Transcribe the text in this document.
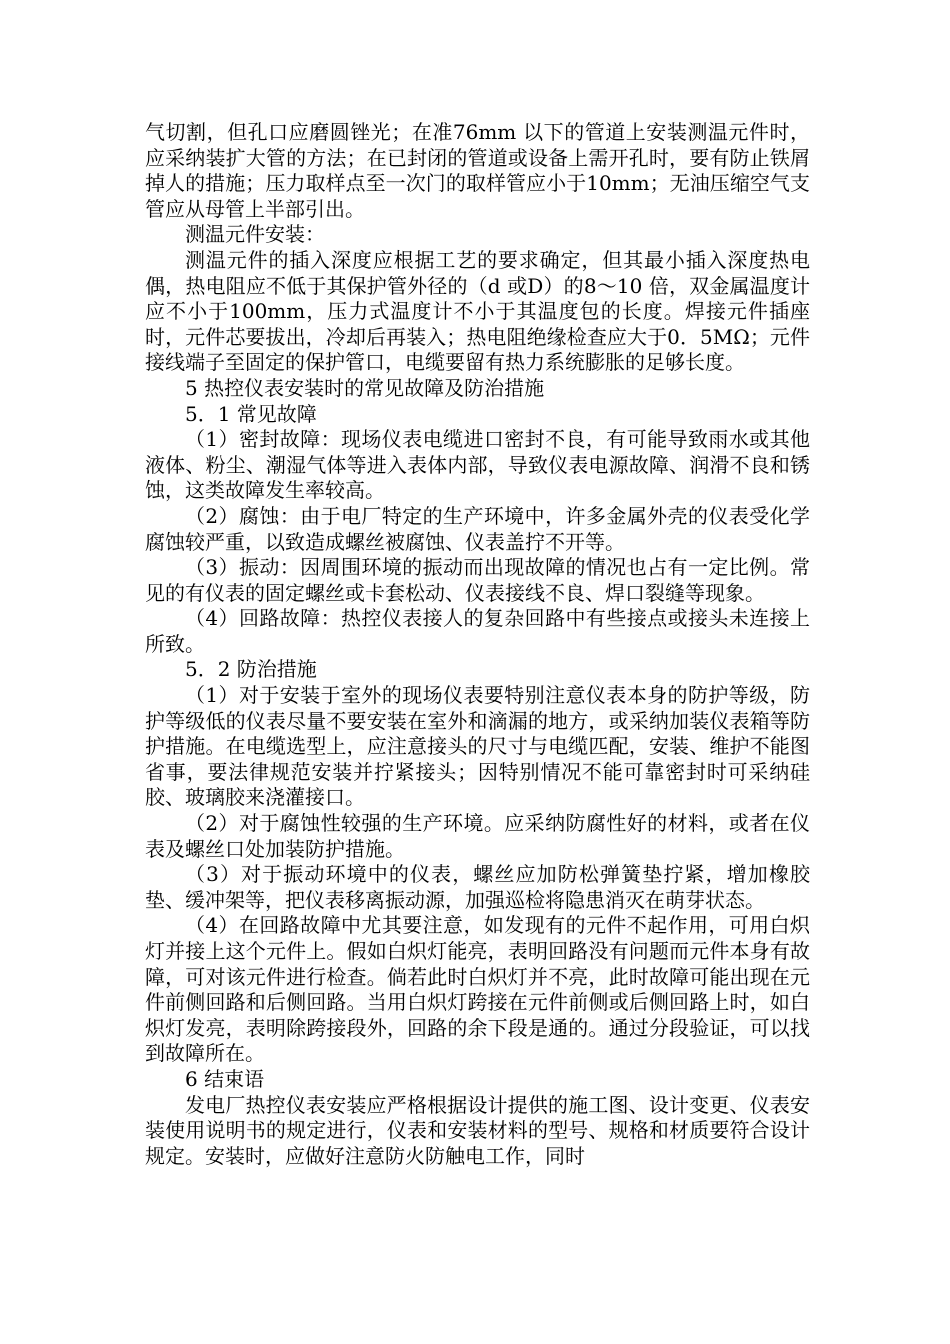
气切割，但孔口应磨圆锉光；在准76mm 以下的管道上安装测温元件时，应采纳装扩大管的方法；在已封闭的管道或设备上需开孔时，要有防止铁屑掉人的措施；压力取样点至一次门的取样管应小于10mm；无油压缩空气支管应从母管上半部引出。

测温元件安装：

测温元件的插入深度应根据工艺的要求确定，但其最小插入深度热电偶，热电阻应不低于其保护管外径的（d 或D）的8～10 倍，双金属温度计应不小于100mm，压力式温度计不小于其温度包的长度。焊接元件插座时，元件芯要拔出，冷却后再装入；热电阻绝缘检查应大于0．5MΩ；元件接线端子至固定的保护管口，电缆要留有热力系统膨胀的足够长度。

5 热控仪表安装时的常见故障及防治措施

5．1 常见故障

（1）密封故障：现场仪表电缆进口密封不良，有可能导致雨水或其他液体、粉尘、潮湿气体等进入表体内部，导致仪表电源故障、润滑不良和锈蚀，这类故障发生率较高。

（2）腐蚀：由于电厂特定的生产环境中，许多金属外壳的仪表受化学腐蚀较严重，以致造成螺丝被腐蚀、仪表盖拧不开等。

（3）振动：因周围环境的振动而出现故障的情况也占有一定比例。常见的有仪表的固定螺丝或卡套松动、仪表接线不良、焊口裂缝等现象。

（4）回路故障：热控仪表接人的复杂回路中有些接点或接头未连接上所致。

5．2 防治措施

（1）对于安装于室外的现场仪表要特别注意仪表本身的防护等级，防护等级低的仪表尽量不要安装在室外和滴漏的地方，或采纳加装仪表箱等防护措施。在电缆选型上，应注意接头的尺寸与电缆匹配，安装、维护不能图省事，要法律规范安装并拧紧接头；因特别情况不能可靠密封时可采纳硅胶、玻璃胶来浇灌接口。

（2）对于腐蚀性较强的生产环境。应采纳防腐性好的材料，或者在仪表及螺丝口处加装防护措施。

（3）对于振动环境中的仪表，螺丝应加防松弹簧垫拧紧，增加橡胶垫、缓冲架等，把仪表移离振动源，加强巡检将隐患消灭在萌芽状态。

（4）在回路故障中尤其要注意，如发现有的元件不起作用，可用白炽灯并接上这个元件上。假如白炽灯能亮，表明回路没有问题而元件本身有故障，可对该元件进行检查。倘若此时白炽灯并不亮，此时故障可能出现在元件前侧回路和后侧回路。当用白炽灯跨接在元件前侧或后侧回路上时，如白炽灯发亮，表明除跨接段外，回路的余下段是通的。通过分段验证，可以找到故障所在。

6 结束语

发电厂热控仪表安装应严格根据设计提供的施工图、设计变更、仪表安装使用说明书的规定进行，仪表和安装材料的型号、规格和材质要符合设计规定。安装时，应做好注意防火防触电工作，同时
